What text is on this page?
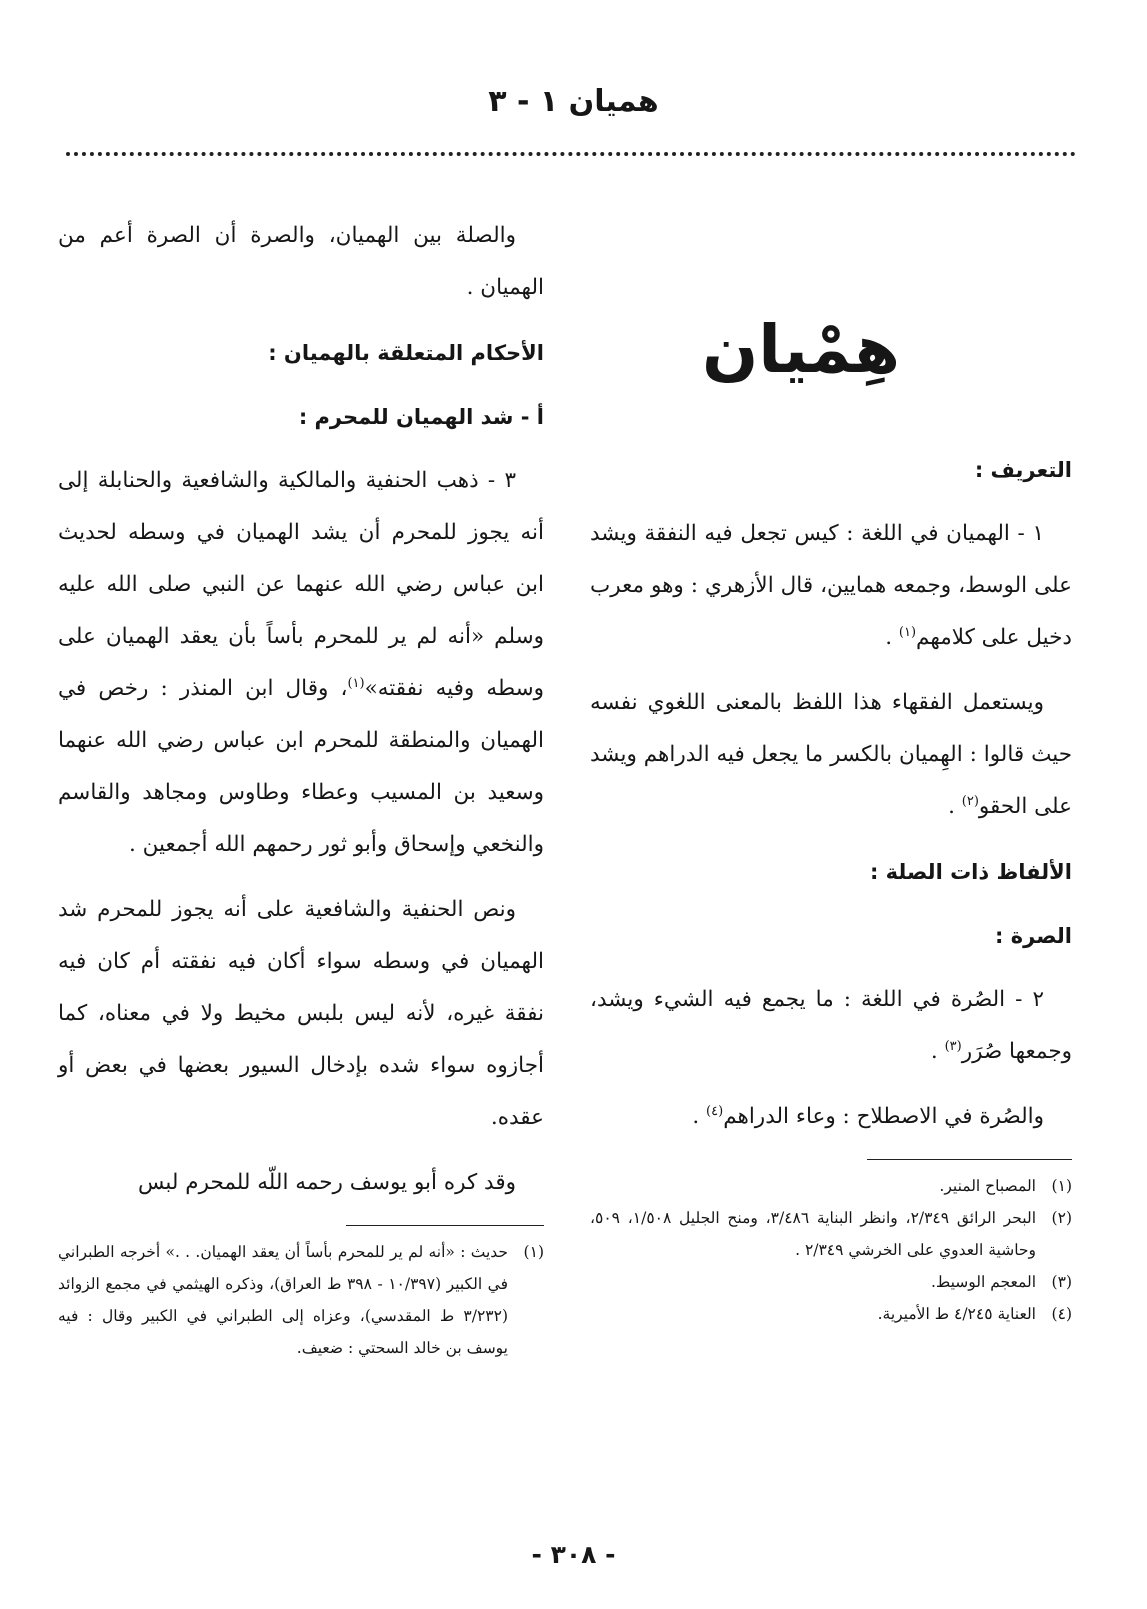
هميان ١ - ٣
هِمْيان
التعريف :

١ - الهميان في اللغة : كيس تجعل فيه النفقة ويشد على الوسط، وجمعه همايين، قال الأزهري : وهو معرب دخيل على كلامهم$^{(١)}$ .

ويستعمل الفقهاء هذا اللفظ بالمعنى اللغوي نفسه حيث قالوا : الهِميان بالكسر ما يجعل فيه الدراهم ويشد على الحقو$^{(٢)}$ .

الألفاظ ذات الصلة :
الصرة :

٢ - الصُرة في اللغة : ما يجمع فيه الشيء ويشد، وجمعها صُرَر$^{(٣)}$ .

والصُرة في الاصطلاح : وعاء الدراهم$^{(٤)}$ .

(١)
المصباح المنير.
(٢)
البحر الرائق ٢/٣٤٩، وانظر البناية ٣/٤٨٦، ومنح الجليل ١/٥٠٨، ٥٠٩، وحاشية العدوي على الخرشي ٢/٣٤٩ .
(٣)
المعجم الوسيط.
(٤)
العناية ٤/٢٤٥ ط الأميرية.

والصلة بين الهميان، والصرة أن الصرة أعم من الهميان .

الأحكام المتعلقة بالهميان :
أ - شد الهميان للمحرم :

٣ - ذهب الحنفية والمالكية والشافعية والحنابلة إلى أنه يجوز للمحرم أن يشد الهميان في وسطه لحديث ابن عباس رضي الله عنهما عن النبي صلى الله عليه وسلم «أنه لم ير للمحرم بأساً بأن يعقد الهميان على وسطه وفيه نفقته»$^{(١)}$، وقال ابن المنذر : رخص في الهميان والمنطقة للمحرم ابن عباس رضي الله عنهما وسعيد بن المسيب وعطاء وطاوس ومجاهد والقاسم والنخعي وإسحاق وأبو ثور رحمهم الله أجمعين .

ونص الحنفية والشافعية على أنه يجوز للمحرم شد الهميان في وسطه سواء أكان فيه نفقته أم كان فيه نفقة غيره، لأنه ليس بلبس مخيط ولا في معناه، كما أجازوه سواء شده بإدخال السيور بعضها في بعض أو عقده.

وقد كره أبو يوسف رحمه اللّه للمحرم لبس

(١)
حديث : «أنه لم ير للمحرم بأساً أن يعقد الهميان. . .» أخرجه الطبراني في الكبير (١٠/٣٩٧ - ٣٩٨ ط العراق)، وذكره الهيثمي في مجمع الزوائد (٣/٢٣٢ ط المقدسي)، وعزاه إلى الطبراني في الكبير وقال : فيه يوسف بن خالد السحتي : ضعيف.
- ٣٠٨ -
